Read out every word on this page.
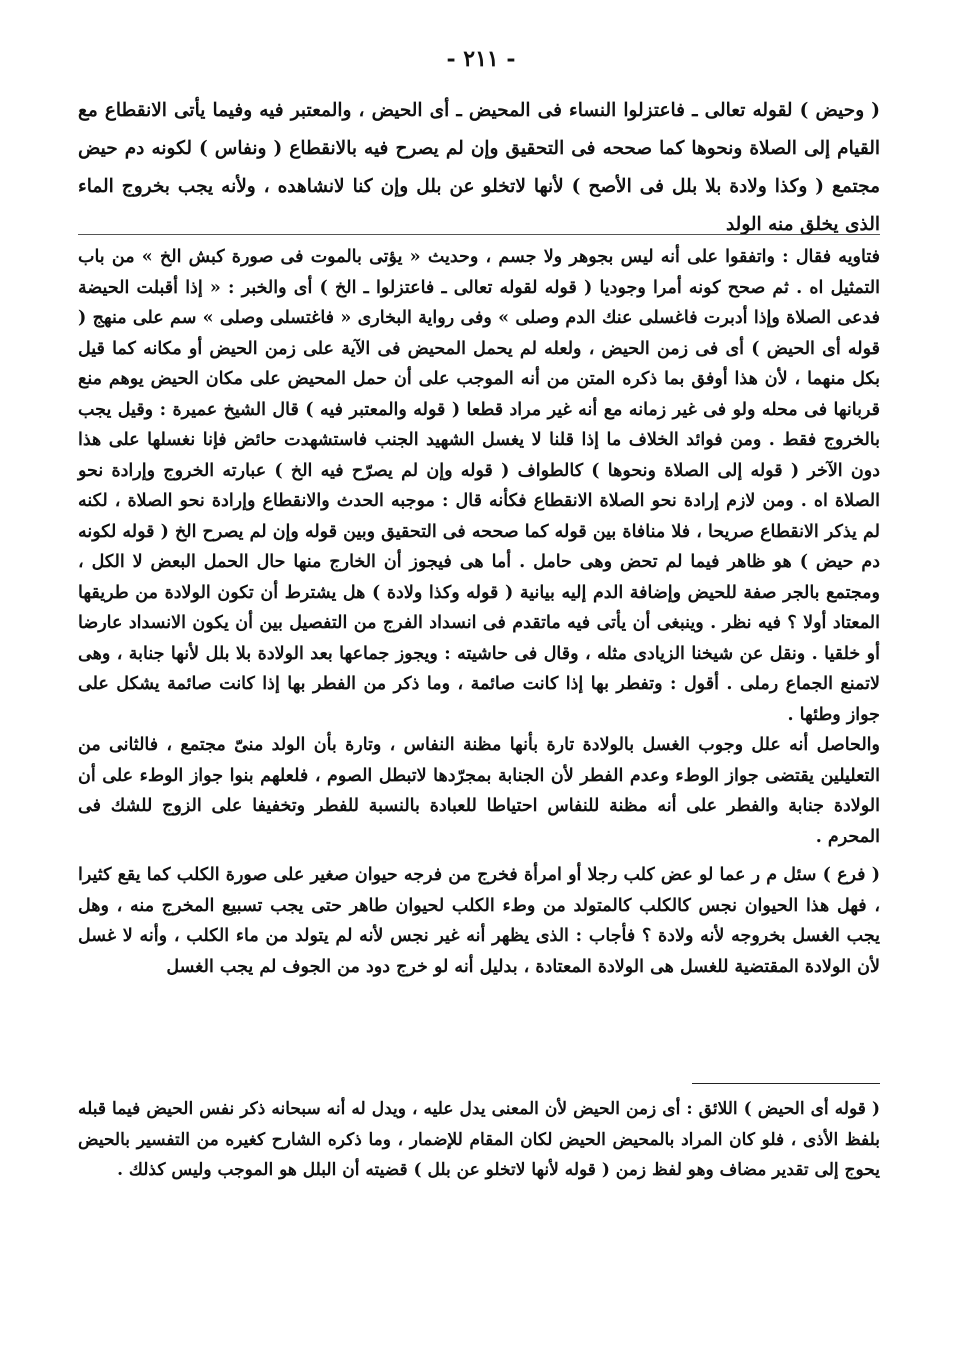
- ٢١١ -

( وحيض ) لقوله تعالى ـ فاعتزلوا النساء فى المحيض ـ أى الحيض ، والمعتبر فيه وفيما يأتى الانقطاع مع القيام إلى الصلاة ونحوها كما صححه فى التحقيق وإن لم يصرح فيه بالانقطاع ( ونفاس ) لكونه دم حيض مجتمع ( وكذا ولادة بلا بلل فى الأصح ) لأنها لاتخلو عن بلل وإن كنا لانشاهده ، ولأنه يجب بخروج الماء الذى يخلق منه الولد

فتاويه فقال : واتفقوا على أنه ليس بجوهر ولا جسم ، وحديث « يؤتى بالموت فى صورة كبش الخ » من باب التمثيل اه . ثم صحح كونه أمرا وجوديا ( قوله لقوله تعالى ـ فاعتزلوا ـ الخ ) أى والخبر : « إذا أقبلت الحيضة فدعى الصلاة وإذا أدبرت فاغسلى عنك الدم وصلى » وفى رواية البخارى « فاغتسلى وصلى » سم على منهج ( قوله أى الحيض ) أى فى زمن الحيض ، ولعله لم يحمل المحيض فى الآية على زمن الحيض أو مكانه كما قيل بكل منهما ، لأن هذا أوفق بما ذكره المتن من أنه الموجب على أن حمل المحيض على مكان الحيض يوهم منع قربانها فى محله ولو فى غير زمانه مع أنه غير مراد قطعا ( قوله والمعتبر فيه ) قال الشيخ عميرة : وقيل يجب بالخروج فقط . ومن فوائد الخلاف ما إذا قلنا لا يغسل الشهيد الجنب فاستشهدت حائض فإنا نغسلها على هذا دون الآخر ( قوله إلى الصلاة ونحوها ) كالطواف ( قوله وإن لم يصرّح فيه الخ ) عبارته الخروج وإرادة نحو الصلاة اه . ومن لازم إرادة نحو الصلاة الانقطاع فكأنه قال : موجبه الحدث والانقطاع وإرادة نحو الصلاة ، لكنه لم يذكر الانقطاع صريحا ، فلا منافاة بين قوله كما صححه فى التحقيق وبين قوله وإن لم يصرح الخ ( قوله لكونه دم حيض ) هو ظاهر فيما لم تحض وهى حامل . أما هى فيجوز أن الخارج منها حال الحمل البعض لا الكل ، ومجتمع بالجر صفة للحيض وإضافة الدم إليه بيانية ( قوله وكذا ولادة ) هل يشترط أن تكون الولادة من طريقها المعتاد أولا ؟ فيه نظر . وينبغى أن يأتى فيه ماتقدم فى انسداد الفرج من التفصيل بين أن يكون الانسداد عارضا أو خلقيا . ونقل عن شيخنا الزيادى مثله ، وقال فى حاشيته : ويجوز جماعها بعد الولادة بلا بلل لأنها جنابة ، وهى لاتمنع الجماع رملى . أقول : وتفطر بها إذا كانت صائمة ، وما ذكر من الفطر بها إذا كانت صائمة يشكل على جواز وطئها .

والحاصل أنه علل وجوب الغسل بالولادة تارة بأنها مظنة النفاس ، وتارة بأن الولد منىّ مجتمع ، فالثانى من التعليلين يقتضى جواز الوطء وعدم الفطر لأن الجنابة بمجرّدها لاتبطل الصوم ، فلعلهم بنوا جواز الوطء على أن الولادة جنابة والفطر على أنه مظنة للنفاس احتياطا للعبادة بالنسبة للفطر وتخفيفا على الزوج للشك فى المحرم .

( فرع ) سئل م ر عما لو عض كلب رجلا أو امرأة فخرج من فرجه حيوان صغير على صورة الكلب كما يقع كثيرا ، فهل هذا الحيوان نجس كالكلب كالمتولد من وطء الكلب لحيوان طاهر حتى يجب تسبيع المخرج منه ، وهل يجب الغسل بخروجه لأنه ولادة ؟ فأجاب : الذى يظهر أنه غير نجس لأنه لم يتولد من ماء الكلب ، وأنه لا غسل لأن الولادة المقتضية للغسل هى الولادة المعتادة ، بدليل أنه لو خرج دود من الجوف لم يجب الغسل

( قوله أى الحيض ) اللائق : أى زمن الحيض لأن المعنى يدل عليه ، ويدل له أنه سبحانه ذكر نفس الحيض فيما قبله بلفظ الأذى ، فلو كان المراد بالمحيض الحيض لكان المقام للإضمار ، وما ذكره الشارح كغيره من التفسير بالحيض يحوج إلى تقدير مضاف وهو لفظ زمن ( قوله لأنها لاتخلو عن بلل ) قضيته أن البلل هو الموجب وليس كذلك .
